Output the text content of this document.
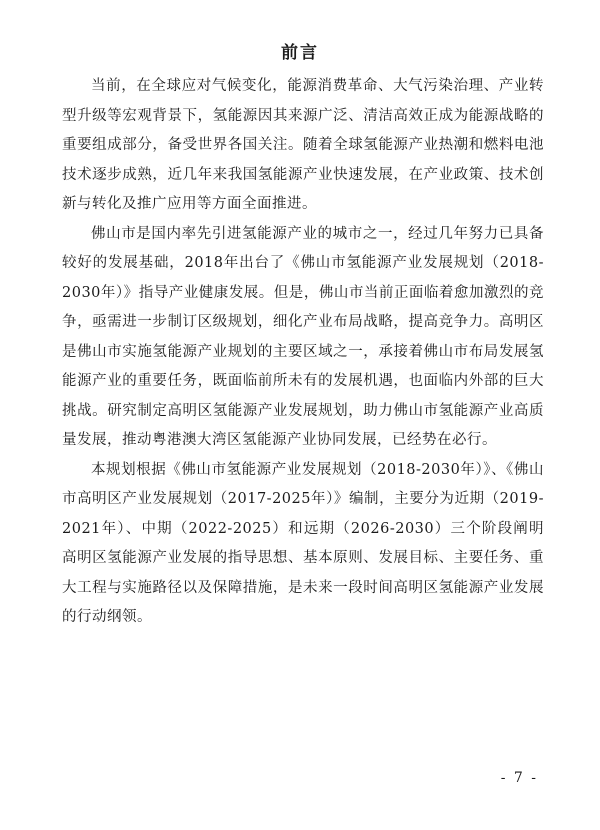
前言

当前，在全球应对气候变化，能源消费革命、大气污染治理、产业转型升级等宏观背景下，氢能源因其来源广泛、清洁高效正成为能源战略的重要组成部分，备受世界各国关注。随着全球氢能源产业热潮和燃料电池技术逐步成熟，近几年来我国氢能源产业快速发展，在产业政策、技术创新与转化及推广应用等方面全面推进。

佛山市是国内率先引进氢能源产业的城市之一，经过几年努力已具备较好的发展基础，2018年出台了《佛山市氢能源产业发展规划（2018-2030年）》指导产业健康发展。但是，佛山市当前正面临着愈加激烈的竞争，亟需进一步制订区级规划，细化产业布局战略，提高竞争力。高明区是佛山市实施氢能源产业规划的主要区域之一，承接着佛山市布局发展氢能源产业的重要任务，既面临前所未有的发展机遇，也面临内外部的巨大挑战。研究制定高明区氢能源产业发展规划，助力佛山市氢能源产业高质量发展，推动粤港澳大湾区氢能源产业协同发展，已经势在必行。

本规划根据《佛山市氢能源产业发展规划（2018-2030年）》、《佛山市高明区产业发展规划（2017-2025年）》编制，主要分为近期（2019-2021年）、中期（2022-2025）和远期（2026-2030）三个阶段阐明高明区氢能源产业发展的指导思想、基本原则、发展目标、主要任务、重大工程与实施路径以及保障措施，是未来一段时间高明区氢能源产业发展的行动纲领。

- 7 -
